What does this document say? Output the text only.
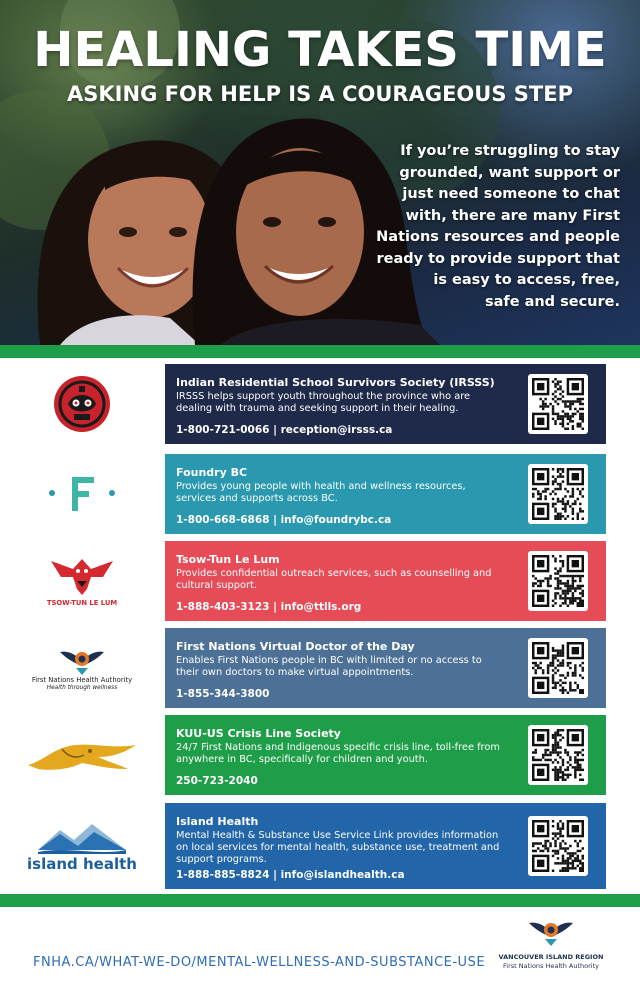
HEALING TAKES TIME
ASKING FOR HELP IS A COURAGEOUS STEP
If you’re struggling to stay
grounded, want support or
just need someone to chat
with, there are many First
Nations resources and people
ready to provide support that
is easy to access, free,
safe and secure.
Indian Residential School Survivors Society (IRSSS)
IRSSS helps support youth throughout the province who are dealing with trauma and seeking support in their healing.
1-800-721-0066 | reception@irsss.ca
Foundry BC
Provides young people with health and wellness resources, services and supports across BC.
1-800-668-6868 | info@foundrybc.ca
TSOW-TUN LE LUM
Tsow-Tun Le Lum
Provides confidential outreach services, such as counselling and cultural support.
1-888-403-3123 | info@ttlls.org
First Nations Health Authority
Health through wellness
First Nations Virtual Doctor of the Day
Enables First Nations people in BC with limited or no access to their own doctors to make virtual appointments.
1-855-344-3800
KUU-US Crisis Line Society
24/7 First Nations and Indigenous specific crisis line, toll-free from anywhere in BC, specifically for children and youth.
250-723-2040
island health
Island Health
Mental Health & Substance Use Service Link provides information on local services for mental health, substance use, treatment and support programs.
1-888-885-8824 | info@islandhealth.ca
FNHA.CA/WHAT-WE-DO/MENTAL-WELLNESS-AND-SUBSTANCE-USE	VANCOUVER ISLAND REGION
First Nations Health Authority
